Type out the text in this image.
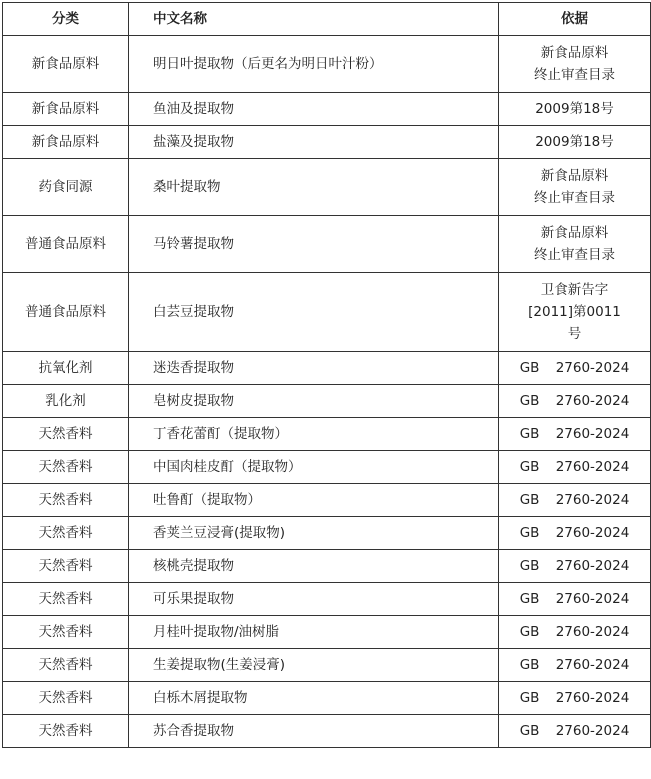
分类	中文名称	依据
新食品原料	明日叶提取物（后更名为明日叶汁粉）	新食品原料
终止审查目录

新食品原料	鱼油及提取物	2009第18号

新食品原料	盐藻及提取物	2009第18号

药食同源	桑叶提取物	新食品原料
终止审查目录

普通食品原料	马铃薯提取物	新食品原料
终止审查目录

普通食品原料	白芸豆提取物	卫食新告字
[2011]第0011
号

抗氧化剂	迷迭香提取物	GB 2760-2024
乳化剂	皂树皮提取物	GB 2760-2024
天然香料	丁香花蕾酊（提取物）	GB 2760-2024
天然香料	中国肉桂皮酊（提取物）	GB 2760-2024
天然香料	吐鲁酊（提取物）	GB 2760-2024
天然香料	香荚兰豆浸膏(提取物)	GB 2760-2024
天然香料	核桃壳提取物	GB 2760-2024
天然香料	可乐果提取物	GB 2760-2024
天然香料	月桂叶提取物/油树脂	GB 2760-2024
天然香料	生姜提取物(生姜浸膏)	GB 2760-2024
天然香料	白栎木屑提取物	GB 2760-2024
天然香料	苏合香提取物	GB 2760-2024
